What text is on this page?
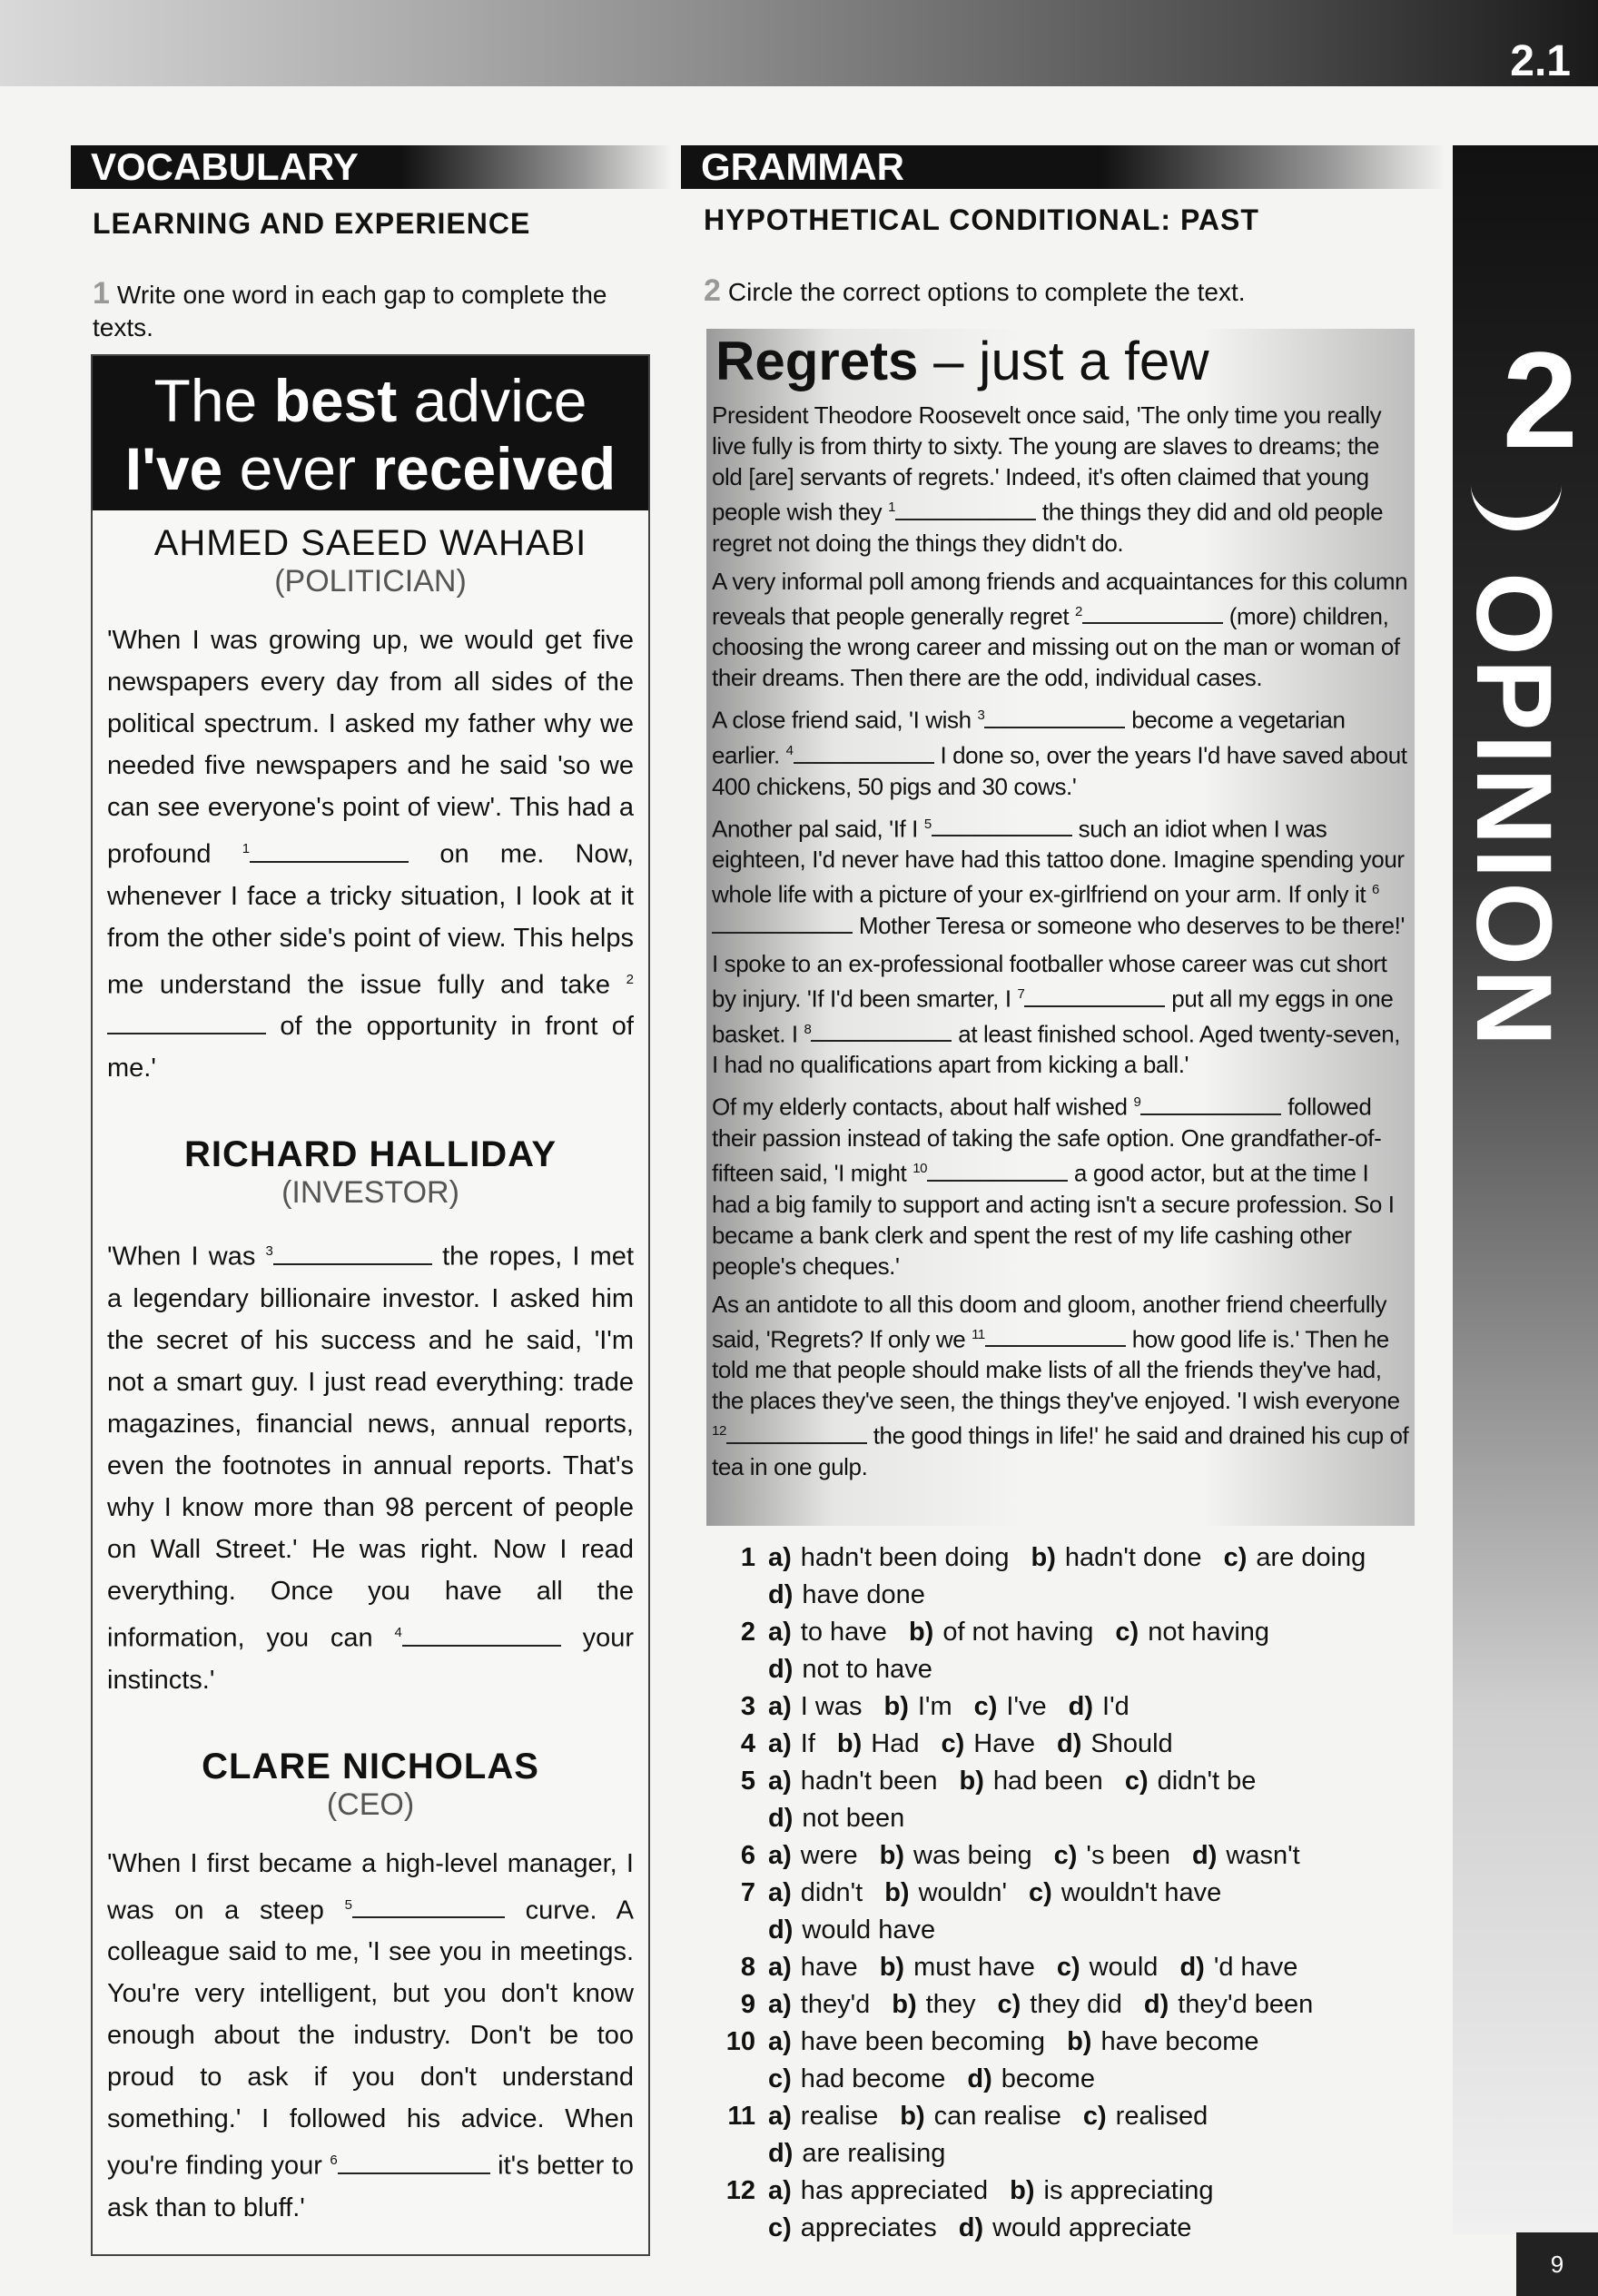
2.1
2
OPINION
VOCABULARY
LEARNING AND EXPERIENCE
1 Write one word in each gap to complete the texts.
The best advice
I've ever received
AHMED SAEED WAHABI
(POLITICIAN)
'When I was growing up, we would get five newspapers every day from all sides of the political spectrum. I asked my father why we needed five newspapers and he said 'so we can see everyone's point of view'. This had a profound $^1$	on me. Now, whenever I face a tricky situation, I look at it from the other side's point of view. This helps me understand the issue fully and take $^2$ of the opportunity in front of me.'
RICHARD HALLIDAY
(INVESTOR)
'When I was $^3$	the ropes, I met a legendary billionaire investor. I asked him the secret of his success and he said, 'I'm not a smart guy. I just read everything: trade magazines, financial news, annual reports, even the footnotes in annual reports. That's why I know more than 98 percent of people on Wall Street.' He was right. Now I read everything. Once you have all the information, you can $^4$	your instincts.'
CLARE NICHOLAS
(CEO)
'When I first became a high-level manager, I was on a steep $^5$	curve. A colleague said to me, 'I see you in meetings. You're very intelligent, but you don't know enough about the industry. Don't be too proud to ask if you don't understand something.' I followed his advice. When you're finding your $^6$	it's better to ask than to bluff.'
GRAMMAR
HYPOTHETICAL CONDITIONAL: PAST
2 Circle the correct options to complete the text.
Regrets – just a few

President Theodore Roosevelt once said, 'The only time you really live fully is from thirty to sixty. The young are slaves to dreams; the old [are] servants of regrets.' Indeed, it's often claimed that young people wish they $^1$	the things they did and old people regret not doing the things they didn't do.

A very informal poll among friends and acquaintances for this column reveals that people generally regret $^2$	(more) children, choosing the wrong career and missing out on the man or woman of their dreams. Then there are the odd, individual cases.

A close friend said, 'I wish $^3$	become a vegetarian earlier. $^4$	I done so, over the years I'd have saved about 400 chickens, 50 pigs and 30 cows.'

Another pal said, 'If I $^5$	such an idiot when I was eighteen, I'd never have had this tattoo done. Imagine spending your whole life with a picture of your ex-girlfriend on your arm. If only it $^6$ Mother Teresa or someone who deserves to be there!'

I spoke to an ex-professional footballer whose career was cut short by injury. 'If I'd been smarter, I $^7$	put all my eggs in one basket. I $^8$	at least finished school. Aged twenty-seven, I had no qualifications apart from kicking a ball.'

Of my elderly contacts, about half wished $^9$	followed their passion instead of taking the safe option. One grandfather-of-fifteen said, 'I might $^{10}$	a good actor, but at the time I had a big family to support and acting isn't a secure profession. So I became a bank clerk and spent the rest of my life cashing other people's cheques.'

As an antidote to all this doom and gloom, another friend cheerfully said, 'Regrets? If only we $^{11}$	how good life is.' Then he told me that people should make lists of all the friends they've had, the places they've seen, the things they've enjoyed. 'I wish everyone $^{12}$	the good things in life!' he said and drained his cup of tea in one gulp.

1 a) hadn't been doing b) hadn't done c) are doing
d) have done
2 a) to have b) of not having c) not having
d) not to have
3 a) I was b) I'm c) I've d) I'd
4 a) If b) Had c) Have d) Should
5 a) hadn't been b) had been c) didn't be
d) not been
6 a) were b) was being c) 's been d) wasn't
7 a) didn't b) wouldn' c) wouldn't have
d) would have
8 a) have b) must have c) would d) 'd have
9 a) they'd b) they c) they did d) they'd been
10 a) have been becoming b) have become
c) had become d) become
11 a) realise b) can realise c) realised
d) are realising
12 a) has appreciated b) is appreciating
c) appreciates d) would appreciate
9
